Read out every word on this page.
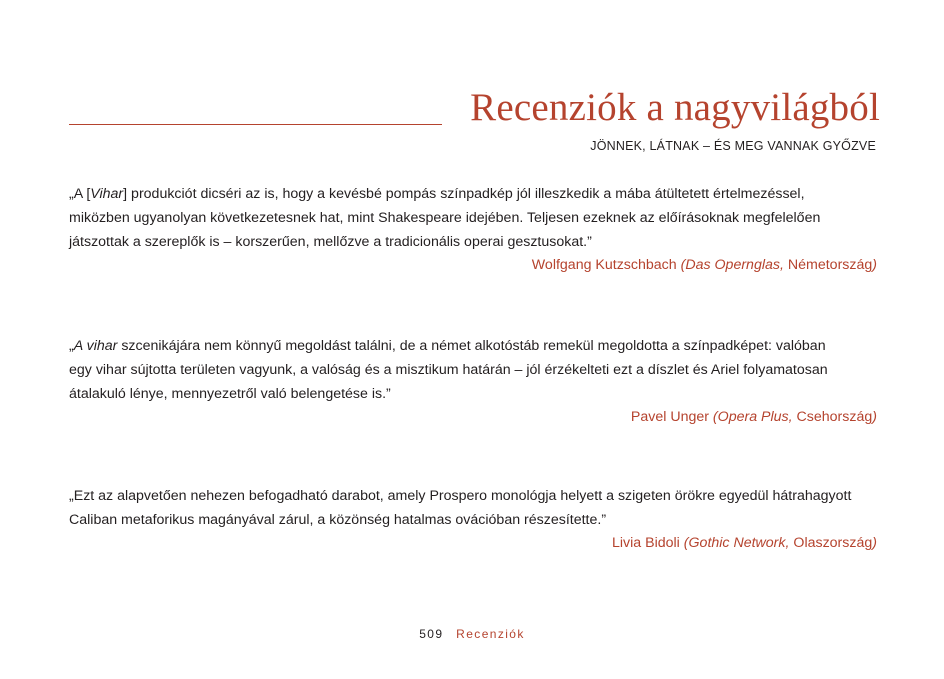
Recenziók a nagyvilágból
JÖNNEK, LÁTNAK – ÉS MEG VANNAK GYŐZVE

„A [Vihar] produkciót dicséri az is, hogy a kevésbé pompás színpadkép jól illeszkedik a mába átültetett értelmezéssel,
miközben ugyanolyan következetesnek hat, mint Shakespeare idejében. Teljesen ezeknek az előírásoknak megfelelően
játszottak a szereplők is – korszerűen, mellőzve a tradicionális operai gesztusokat.”

Wolfgang Kutzschbach (Das Opernglas, Németország)

„A vihar szcenikájára nem könnyű megoldást találni, de a német alkotóstáb remekül megoldotta a színpadképet: valóban
egy vihar sújtotta területen vagyunk, a valóság és a misztikum határán – jól érzékelteti ezt a díszlet és Ariel folyamatosan
átalakuló lénye, mennyezetről való belengetése is.”

Pavel Unger (Opera Plus, Csehország)

„Ezt az alapvetően nehezen befogadható darabot, amely Prospero monológja helyett a szigeten örökre egyedül hátrahagyott
Caliban metaforikus magányával zárul, a közönség hatalmas ovációban részesítette.”

Livia Bidoli (Gothic Network, Olaszország)

509 Recenziók
